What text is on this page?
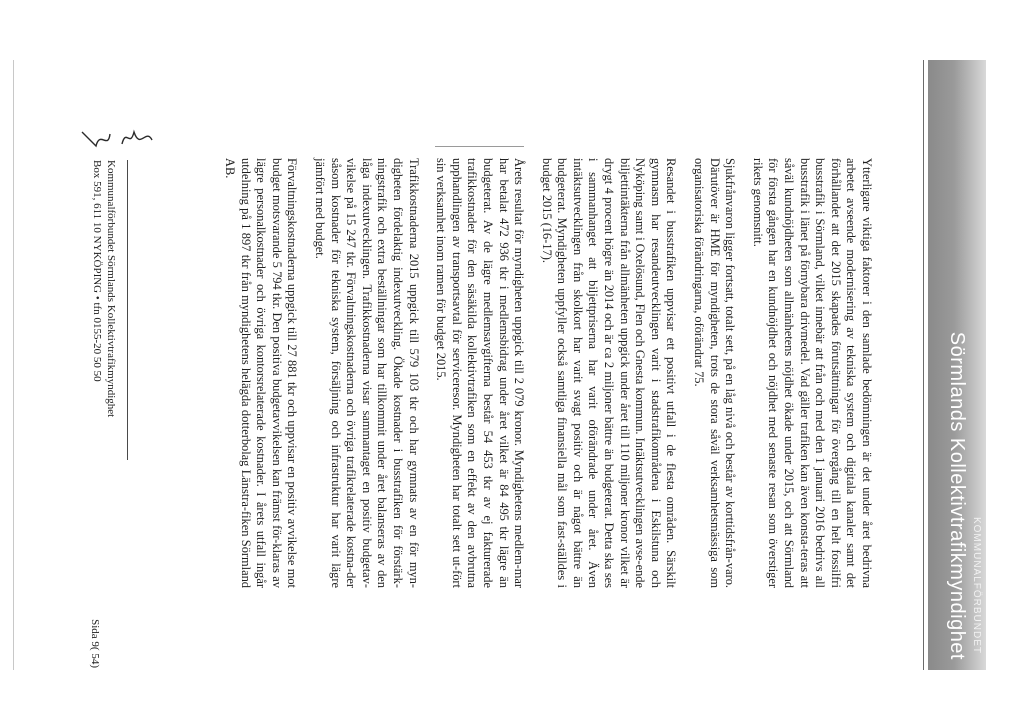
KOMMUNALFÖRBUNDET
Sörmlands Kollektivtrafikmyndighet

Ytterligare viktiga faktorer i den samlade bedömningen är det under året bedrivna arbetet avseende modernisering av tekniska system och digitala kanaler samt det förhållandet att det 2015 skapades förutsättningar för övergång till en helt fossilfri busstrafik i Sörmland, vilket innebär att från och med den 1 januari 2016 bedrivs all busstrafik i länet på förnybara drivmedel. Vad gäller trafiken kan även konsta-teras att såväl kundnöjdheten som allmänhetens nöjdhet ökade under 2015, och att Sörmland för första gången har en kundnöjdhet och nöjdhet med senaste resan som överstiger rikets genomsnitt.

Sjukfrånvaron ligger fortsatt, totalt sett, på en låg nivå och består av korttidsfrån-varo. Därutöver är HME för myndigheten, trots de stora såväl verksamhetsmässiga som organisatoriska förändringarna, oförändrat 75.

Resandet i busstrafiken uppvisar ett positivt utfall i de flesta områden. Särskilt gymnasm har resandeutvecklingen varit i stadstrafikområdena i Eskilstuna och Nyköping samt i Oxelösund, Flen och Gnesta kommun. Intäktsutvecklingen avse-ende biljettintäkterna från allmänheten uppgick under året till 110 miljoner kronor vilket är drygt 4 procent högre än 2014 och är ca 2 miljoner bättre än budgeterat. Detta ska ses i sammanhanget att biljettpriserna har varit oförändrade under året. Även intäktsutvecklingen från skolkort har varit svagt positiv och är något bättre än budgeterat. Myndigheten uppfyller också samtliga finansiella mål som fast-ställdes i budget 2015 (16-17).

Årets resultat för myndigheten uppgick till 2 079 kronor. Myndighetens medlem-mar har betalat 472 936 tkr i medlemsbidrag under året vilket är 84 495 tkr lägre än budgeterat. Av de lägre medlemsavgifterna består 54 453 tkr av ej fakturerade trafikkostnader för den säsäkilda kollektivtrafiken som en effekt av den avbrutna upphandlingen av transportsavtal för serviceresor. Myndigheten har totalt sett ut-fört sin verksamhet inom ramen för budget 2015.

Trafikkostnaderna 2015 uppgick till 579 103 tkr och har gymnats av en för myn-digheten fördelaktig indexutveckling. Ökade kostnader i busstrafiken för förstärk-ningstrafik och extra beställningar som har tillkommit under året balanseras av den låga indexutvecklingen. Trafikkostnaderna visar sammantaget en positiv budgetav-vikelse på 15 247 tkr. Förvaltningskostnaderna och övriga trafikrelaterade kostna-der såsom kostnader för tekniska system, försäljning och infrastruktur har varit lägre jämfört med budget.

Förvaltningskostnaderna uppgick till 27 881 tkr och uppvisar en positiv avvikelse mot budget motsvarande 5 794 tkr. Den positiva budgetavvikelsen kan främst för-klaras av lägre personalkostnader och övriga kontorsrelaterade kostnader. I årets utfall ingår utdelning på 1 897 tkr från myndighetens helägda dotterbolag Länstra-fiken Sörmland AB.

Kommunalförbundet Sörmlands Kollektivtrafikmyndighet
Box 591, 611 10 NYKÖPING • tfn 0155-20 50 50
Sida 9( 54)
